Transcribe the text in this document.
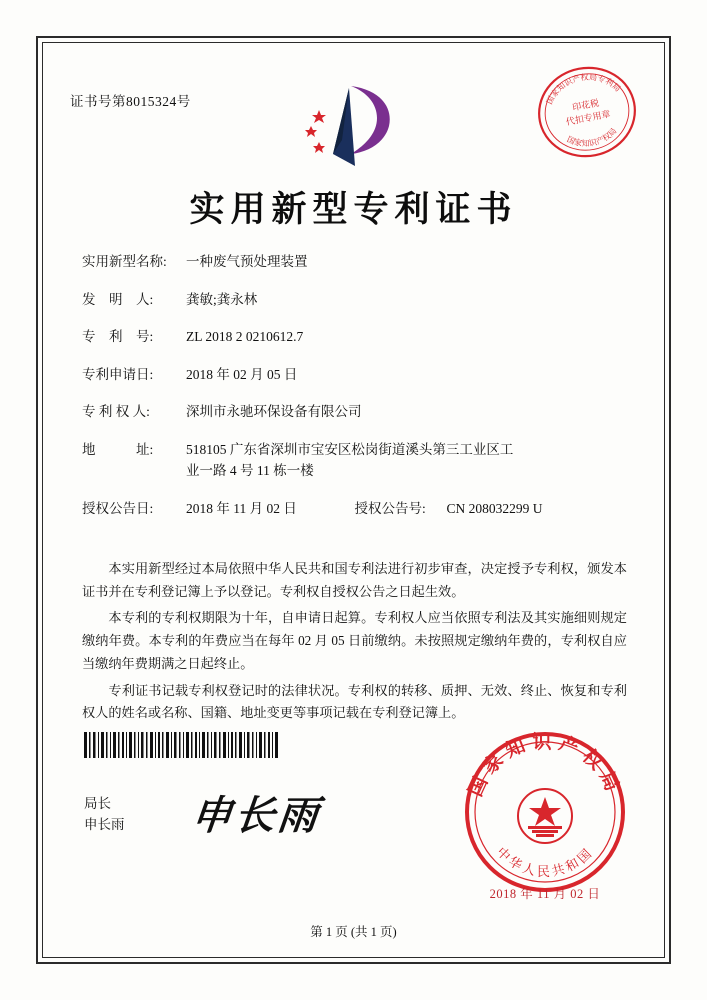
证书号第8015324号	国家知识产权局专利局
国家知识产权局
印花税
代扣专用章
实用新型专利证书
实用新型名称:	一种废气预处理装置
发　明　人:	龚敏;龚永林
专　利　号:	ZL 2018 2 0210612.7
专利申请日:	2018 年 02 月 05 日
专 利 权 人:	深圳市永驰环保设备有限公司
地　　　址:	518105 广东省深圳市宝安区松岗街道溪头第三工业区工
业一路 4 号 11 栋一楼
授权公告日:	2018 年 11 月 02 日	授权公告号:	CN 208032299 U

本实用新型经过本局依照中华人民共和国专利法进行初步审查，决定授予专利权，颁发本证书并在专利登记簿上予以登记。专利权自授权公告之日起生效。

本专利的专利权期限为十年，自申请日起算。专利权人应当依照专利法及其实施细则规定缴纳年费。本专利的年费应当在每年 02 月 05 日前缴纳。未按照规定缴纳年费的，专利权自应当缴纳年费期满之日起终止。

专利证书记载专利权登记时的法律状况。专利权的转移、质押、无效、终止、恢复和专利权人的姓名或名称、国籍、地址变更等事项记载在专利登记簿上。

局长
申长雨 申长雨
国家知识产权局
中华人民共和国
2018 年 11 月 02 日
第 1 页 (共 1 页)
